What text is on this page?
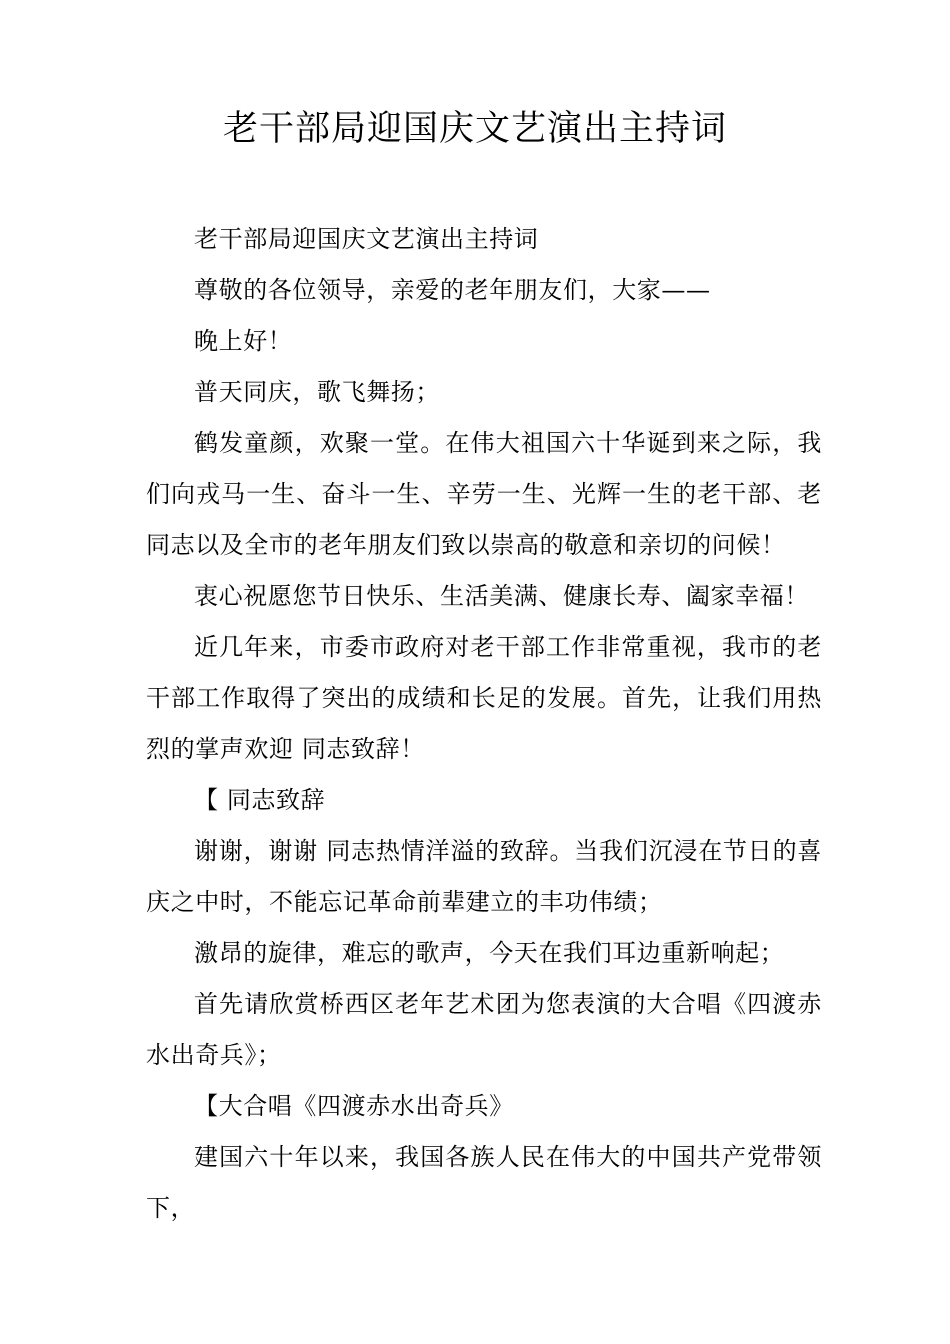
老干部局迎国庆文艺演出主持词

老干部局迎国庆文艺演出主持词

尊敬的各位领导，亲爱的老年朋友们，大家——

晚上好！

普天同庆，歌飞舞扬；

鹤发童颜，欢聚一堂。在伟大祖国六十华诞到来之际，我们向戎马一生、奋斗一生、辛劳一生、光辉一生的老干部、老同志以及全市的老年朋友们致以崇高的敬意和亲切的问候！

衷心祝愿您节日快乐、生活美满、健康长寿、阖家幸福！

近几年来，市委市政府对老干部工作非常重视，我市的老干部工作取得了突出的成绩和长足的发展。首先，让我们用热烈的掌声欢迎 同志致辞！

【 同志致辞

谢谢，谢谢 同志热情洋溢的致辞。当我们沉浸在节日的喜庆之中时，不能忘记革命前辈建立的丰功伟绩；

激昂的旋律，难忘的歌声，今天在我们耳边重新响起；

首先请欣赏桥西区老年艺术团为您表演的大合唱《四渡赤水出奇兵》；

【大合唱《四渡赤水出奇兵》

建国六十年以来，我国各族人民在伟大的中国共产党带领下，
